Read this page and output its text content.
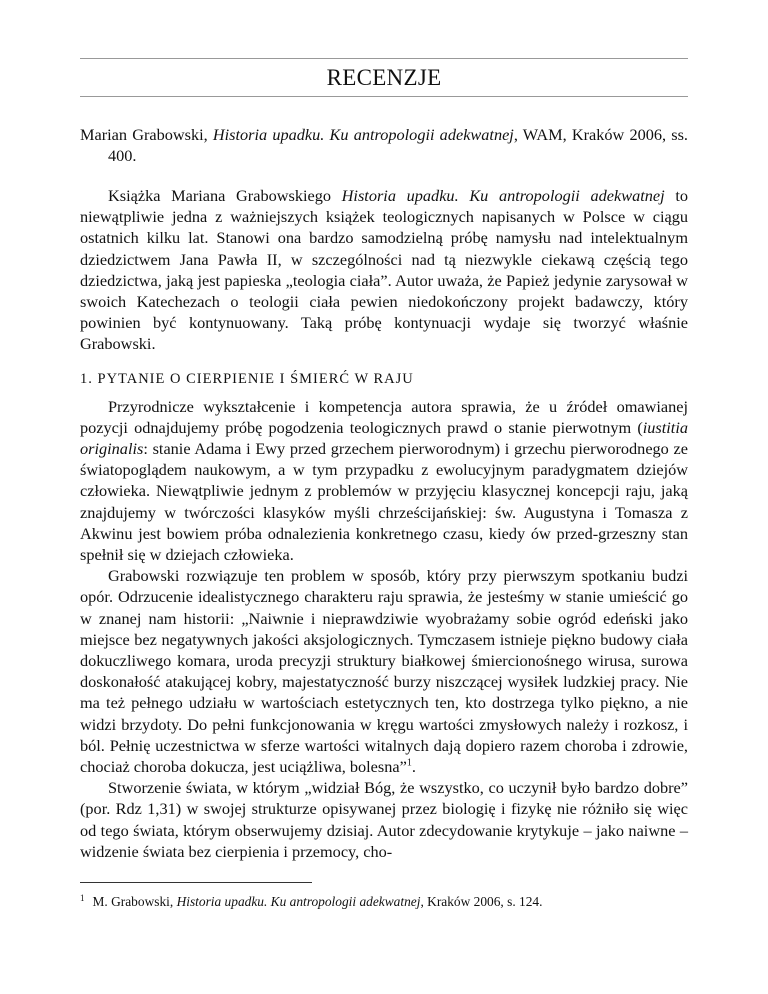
RECENZJE
Marian Grabowski, Historia upadku. Ku antropologii adekwatnej, WAM, Kraków 2006, ss. 400.

Książka Mariana Grabowskiego Historia upadku. Ku antropologii adekwatnej to niewątpliwie jedna z ważniejszych książek teologicznych napisanych w Polsce w ciągu ostatnich kilku lat. Stanowi ona bardzo samodzielną próbę namysłu nad intelektualnym dziedzictwem Jana Pawła II, w szczególności nad tą niezwykle ciekawą częścią tego dziedzictwa, jaką jest papieska „teologia ciała”. Autor uważa, że Papież jedynie zarysował w swoich Katechezach o teologii ciała pewien niedokończony projekt badawczy, który powinien być kontynuowany. Taką próbę kontynuacji wydaje się tworzyć właśnie Grabowski.

1. PYTANIE O CIERPIENIE I ŚMIERĆ W RAJU

Przyrodnicze wykształcenie i kompetencja autora sprawia, że u źródeł omawianej pozycji odnajdujemy próbę pogodzenia teologicznych prawd o stanie pierwotnym (iustitia originalis: stanie Adama i Ewy przed grzechem pierworodnym) i grzechu pierworodnego ze światopoglądem naukowym, a w tym przypadku z ewolucyjnym paradygmatem dziejów człowieka. Niewątpliwie jednym z problemów w przyjęciu klasycznej koncepcji raju, jaką znajdujemy w twórczości klasyków myśli chrześcijańskiej: św. Augustyna i Tomasza z Akwinu jest bowiem próba odnalezienia konkretnego czasu, kiedy ów przed-grzeszny stan spełnił się w dziejach człowieka.

Grabowski rozwiązuje ten problem w sposób, który przy pierwszym spotkaniu budzi opór. Odrzucenie idealistycznego charakteru raju sprawia, że jesteśmy w stanie umieścić go w znanej nam historii: „Naiwnie i nieprawdziwie wyobrażamy sobie ogród edeński jako miejsce bez negatywnych jakości aksjologicznych. Tymczasem istnieje piękno budowy ciała dokuczliwego komara, uroda precyzji struktury białkowej śmiercionośnego wirusa, surowa doskonałość atakującej kobry, majestatyczność burzy niszczącej wysiłek ludzkiej pracy. Nie ma też pełnego udziału w wartościach estetycznych ten, kto dostrzega tylko piękno, a nie widzi brzydoty. Do pełni funkcjonowania w kręgu wartości zmysłowych należy i rozkosz, i ból. Pełnię uczestnictwa w sferze wartości witalnych dają dopiero razem choroba i zdrowie, chociaż choroba dokucza, jest uciążliwa, bolesna”$^1$.

Stworzenie świata, w którym „widział Bóg, że wszystko, co uczynił było bardzo dobre” (por. Rdz 1,31) w swojej strukturze opisywanej przez biologię i fizykę nie różniło się więc od tego świata, którym obserwujemy dzisiaj. Autor zdecydowanie krytykuje – jako naiwne – widzenie świata bez cierpienia i przemocy, cho-

$^1$ M. Grabowski, Historia upadku. Ku antropologii adekwatnej, Kraków 2006, s. 124.
